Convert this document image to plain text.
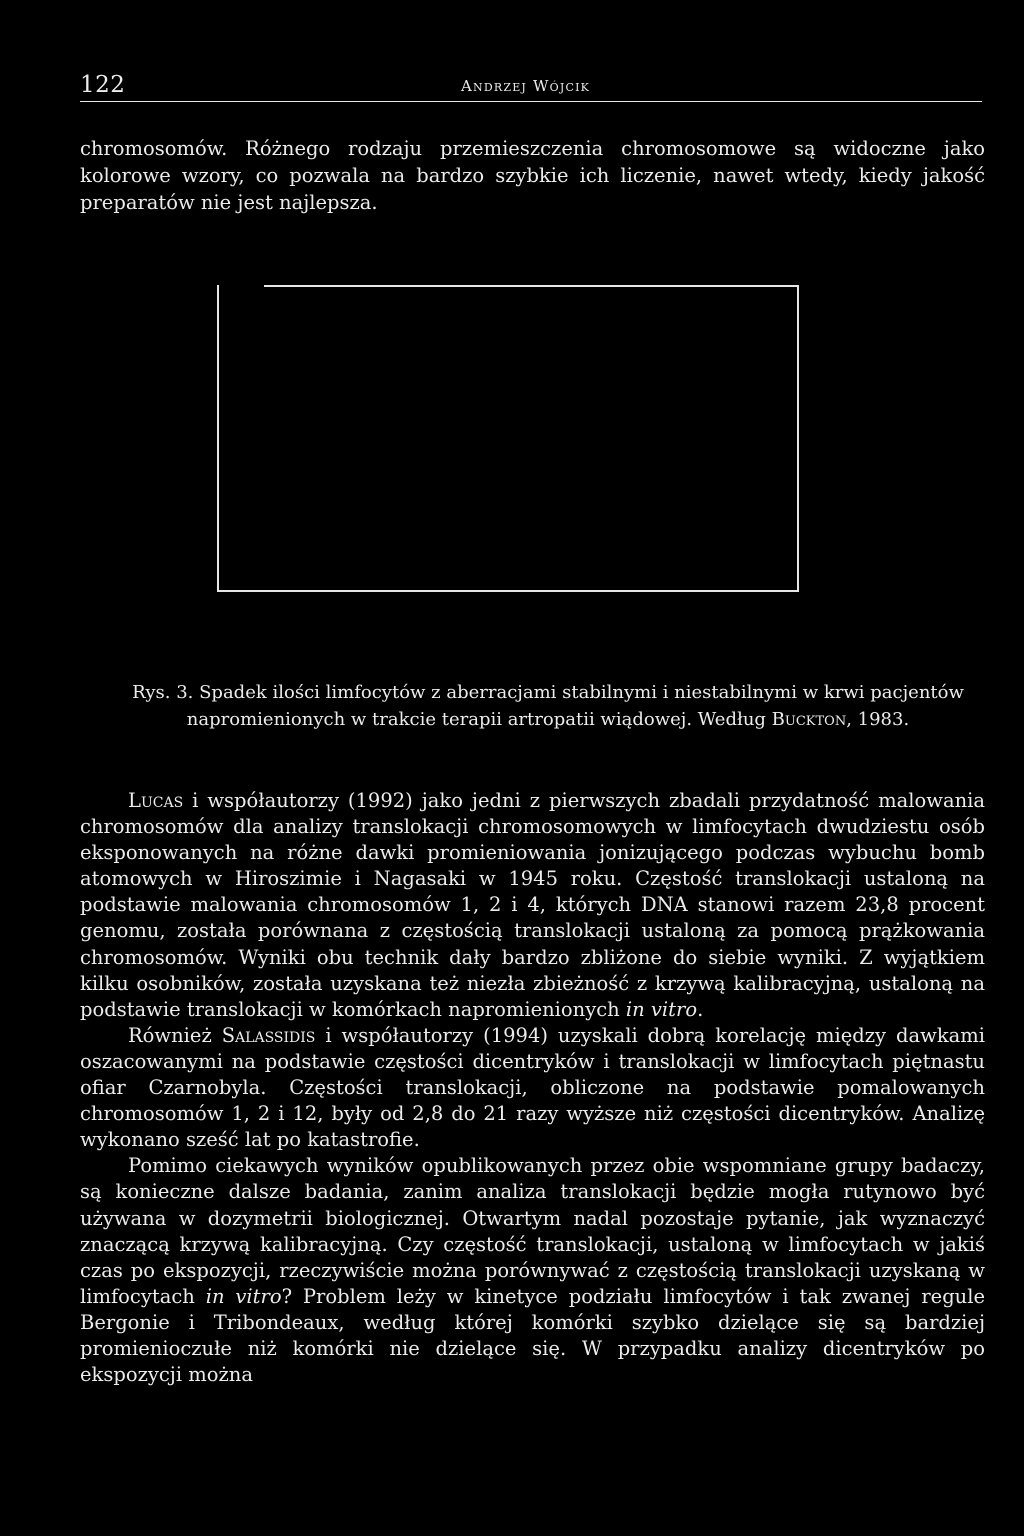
122	Andrzej Wójcik

chromosomów. Różnego rodzaju przemieszczenia chromosomowe są widoczne jako kolorowe wzory, co pozwala na bardzo szybkie ich liczenie, nawet wtedy, kiedy jakość preparatów nie jest najlepsza.

Rys. 3. Spadek ilości limfocytów z aberracjami stabilnymi i niestabilnymi w krwi pacjentów napromienionych w trakcie terapii artropatii wiądowej. Według Buckton, 1983.

Lucas i współautorzy (1992) jako jedni z pierwszych zbadali przydatność malowania chromosomów dla analizy translokacji chromosomowych w limfocytach dwudziestu osób eksponowanych na różne dawki promieniowania jonizującego podczas wybuchu bomb atomowych w Hiroszimie i Nagasaki w 1945 roku. Częstość translokacji ustaloną na podstawie malowania chromosomów 1, 2 i 4, których DNA stanowi razem 23,8 procent genomu, została porównana z częstością translokacji ustaloną za pomocą prążkowania chromosomów. Wyniki obu technik dały bardzo zbliżone do siebie wyniki. Z wyjątkiem kilku osobników, została uzyskana też niezła zbieżność z krzywą kalibracyjną, ustaloną na podstawie translokacji w komórkach napromienionych in vitro.

Również Salassidis i współautorzy (1994) uzyskali dobrą korelację między dawkami oszacowanymi na podstawie częstości dicentryków i translokacji w limfocytach piętnastu ofiar Czarnobyla. Częstości translokacji, obliczone na podstawie pomalowanych chromosomów 1, 2 i 12, były od 2,8 do 21 razy wyższe niż częstości dicentryków. Analizę wykonano sześć lat po katastrofie.

Pomimo ciekawych wyników opublikowanych przez obie wspomniane grupy badaczy, są konieczne dalsze badania, zanim analiza translokacji będzie mogła rutynowo być używana w dozymetrii biologicznej. Otwartym nadal pozostaje pytanie, jak wyznaczyć znaczącą krzywą kalibracyjną. Czy częstość translokacji, ustaloną w limfocytach w jakiś czas po ekspozycji, rzeczywiście można porównywać z częstością translokacji uzyskaną w limfocytach in vitro? Problem leży w kinetyce podziału limfocytów i tak zwanej regule Bergonie i Tribondeaux, według której komórki szybko dzielące się są bardziej promienioczułe niż komórki nie dzielące się. W przypadku analizy dicentryków po ekspozycji można
